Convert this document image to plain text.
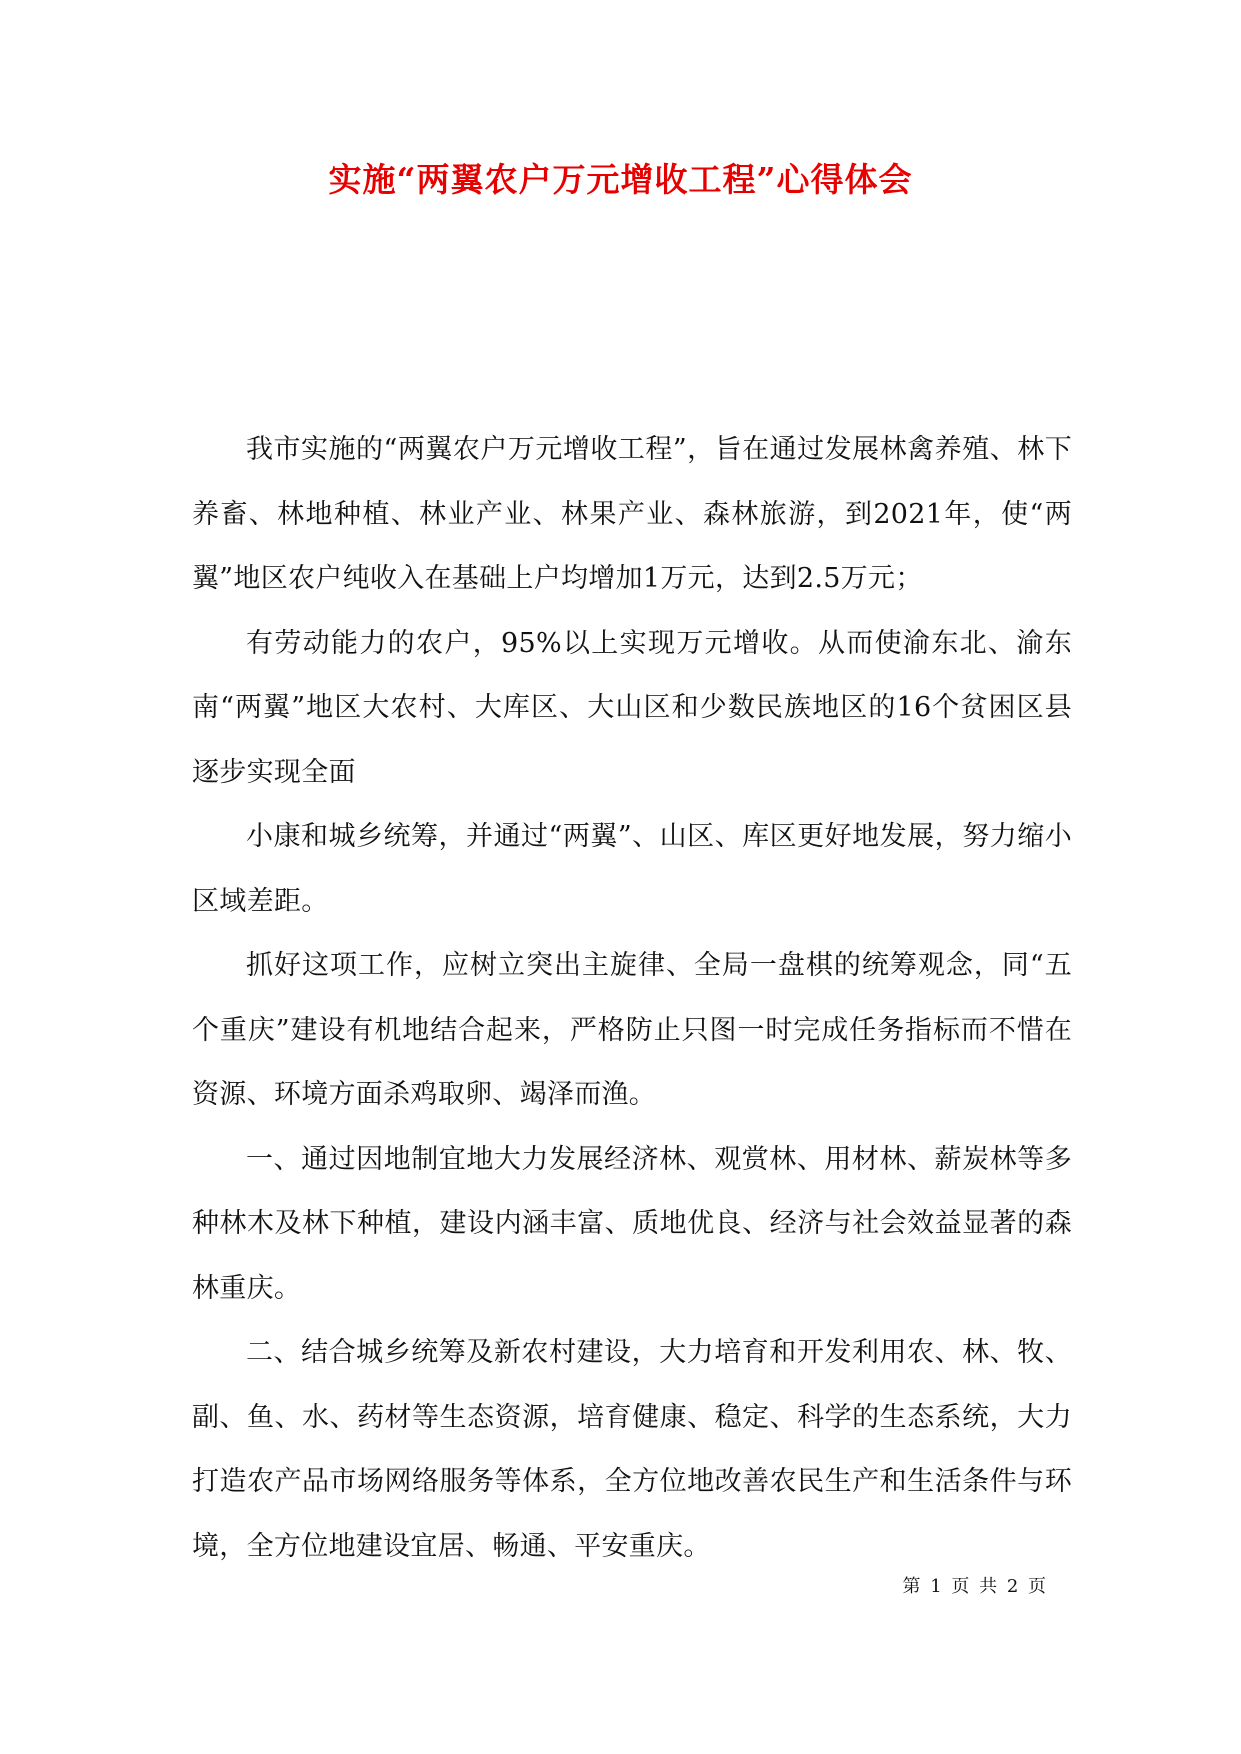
实施“两翼农户万元增收工程”心得体会

我市实施的“两翼农户万元增收工程”，旨在通过发展林禽养殖、林下养畜、林地种植、林业产业、林果产业、森林旅游，到2021年，使“两翼”地区农户纯收入在基础上户均增加1万元，达到2.5万元；

有劳动能力的农户，95%以上实现万元增收。从而使渝东北、渝东南“两翼”地区大农村、大库区、大山区和少数民族地区的16个贫困区县逐步实现全面

小康和城乡统筹，并通过“两翼”、山区、库区更好地发展，努力缩小区域差距。

抓好这项工作，应树立突出主旋律、全局一盘棋的统筹观念，同“五个重庆”建设有机地结合起来，严格防止只图一时完成任务指标而不惜在资源、环境方面杀鸡取卵、竭泽而渔。

一、通过因地制宜地大力发展经济林、观赏林、用材林、薪炭林等多种林木及林下种植，建设内涵丰富、质地优良、经济与社会效益显著的森林重庆。

二、结合城乡统筹及新农村建设，大力培育和开发利用农、林、牧、副、鱼、水、药材等生态资源，培育健康、稳定、科学的生态系统，大力打造农产品市场网络服务等体系，全方位地改善农民生产和生活条件与环境，全方位地建设宜居、畅通、平安重庆。

第 1 页 共 2 页
